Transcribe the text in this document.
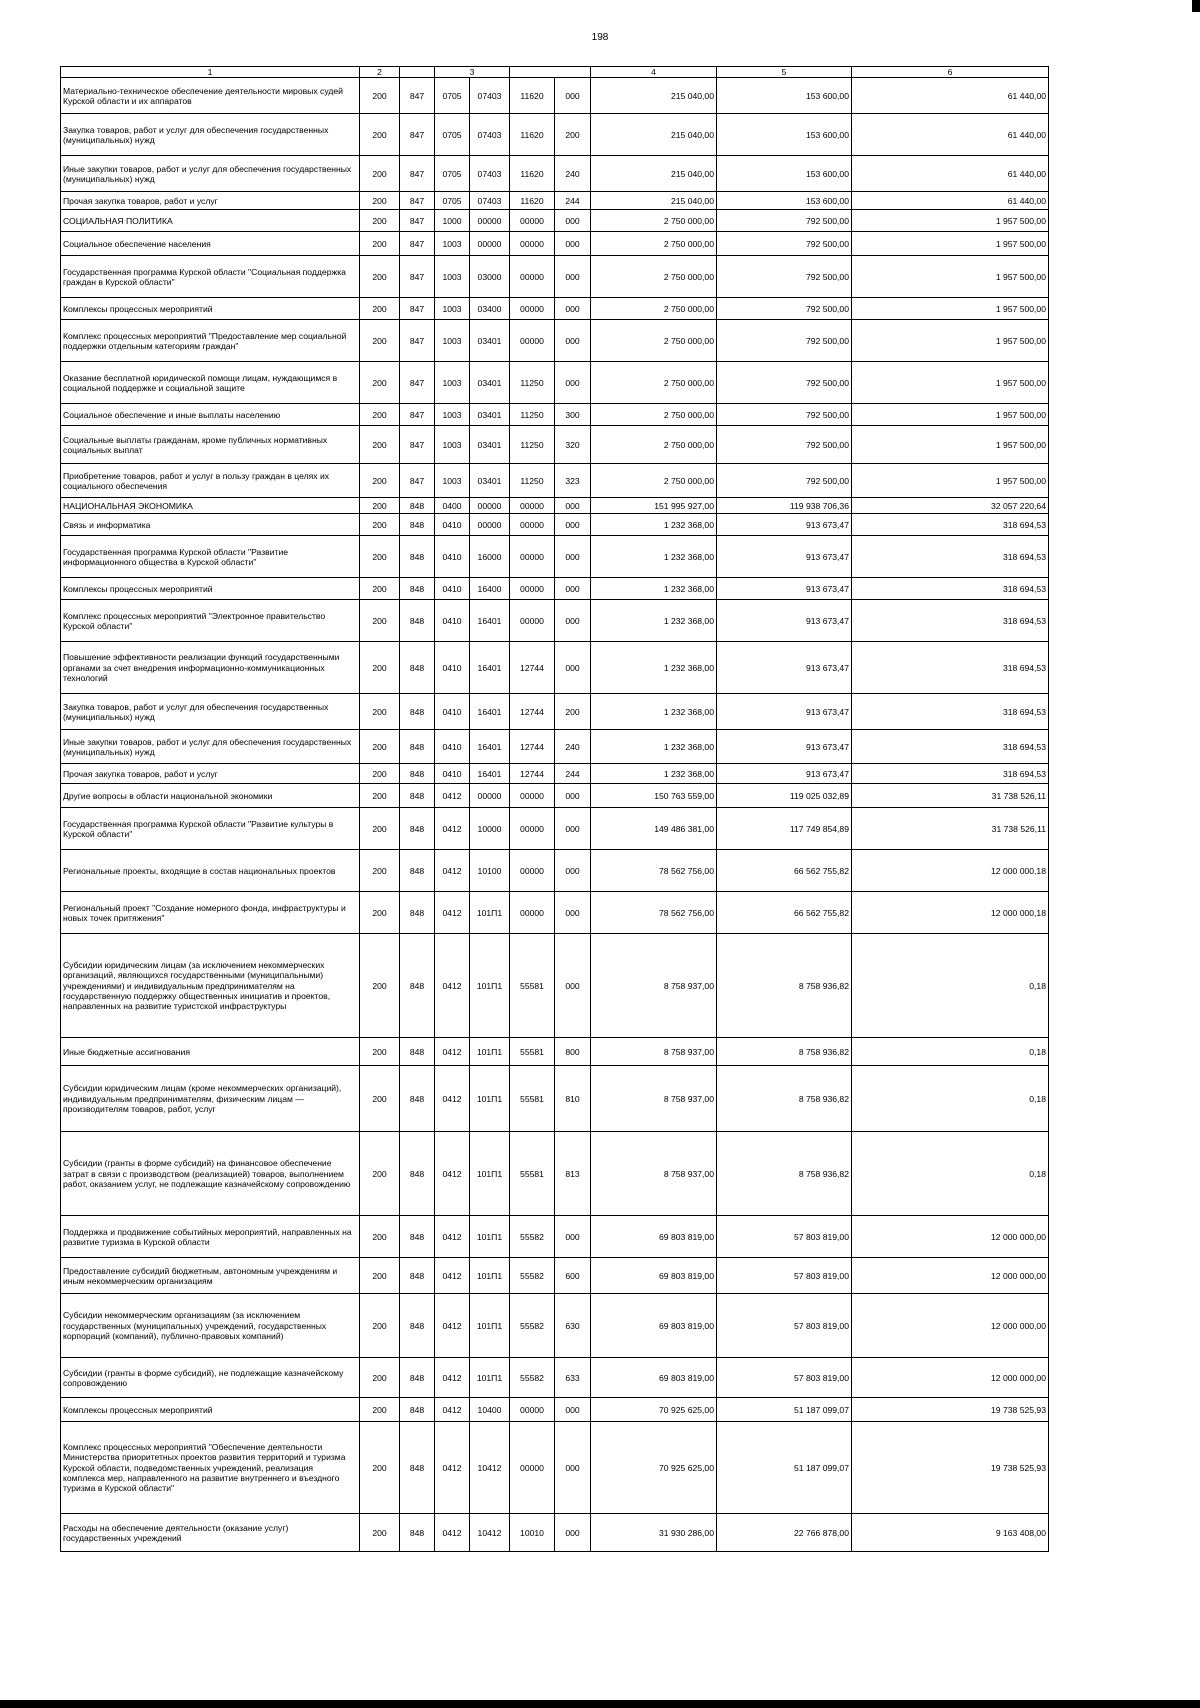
198
1	2		3				4	5	6
Материально-техническое обеспечение деятельности мировых судей Курской области и их аппаратов	200	847	0705	07403	11620	000	215 040,00	153 600,00	61 440,00
Закупка товаров, работ и услуг для обеспечения государственных (муниципальных) нужд	200	847	0705	07403	11620	200	215 040,00	153 600,00	61 440,00
Иные закупки товаров, работ и услуг для обеспечения государственных (муниципальных) нужд	200	847	0705	07403	11620	240	215 040,00	153 600,00	61 440,00
Прочая закупка товаров, работ и услуг	200	847	0705	07403	11620	244	215 040,00	153 600,00	61 440,00
СОЦИАЛЬНАЯ ПОЛИТИКА	200	847	1000	00000	00000	000	2 750 000,00	792 500,00	1 957 500,00
Социальное обеспечение населения	200	847	1003	00000	00000	000	2 750 000,00	792 500,00	1 957 500,00
Государственная программа Курской области "Социальная поддержка граждан в Курской области"	200	847	1003	03000	00000	000	2 750 000,00	792 500,00	1 957 500,00
Комплексы процессных мероприятий	200	847	1003	03400	00000	000	2 750 000,00	792 500,00	1 957 500,00
Комплекс процессных мероприятий "Предоставление мер социальной поддержки отдельным категориям граждан"	200	847	1003	03401	00000	000	2 750 000,00	792 500,00	1 957 500,00
Оказание бесплатной юридической помощи лицам, нуждающимся в социальной поддержке и социальной защите	200	847	1003	03401	11250	000	2 750 000,00	792 500,00	1 957 500,00
Социальное обеспечение и иные выплаты населению	200	847	1003	03401	11250	300	2 750 000,00	792 500,00	1 957 500,00
Социальные выплаты гражданам, кроме публичных нормативных социальных выплат	200	847	1003	03401	11250	320	2 750 000,00	792 500,00	1 957 500,00
Приобретение товаров, работ и услуг в пользу граждан в целях их социального обеспечения	200	847	1003	03401	11250	323	2 750 000,00	792 500,00	1 957 500,00
НАЦИОНАЛЬНАЯ ЭКОНОМИКА	200	848	0400	00000	00000	000	151 995 927,00	119 938 706,36	32 057 220,64
Связь и информатика	200	848	0410	00000	00000	000	1 232 368,00	913 673,47	318 694,53
Государственная программа Курской области "Развитие информационного общества в Курской области"	200	848	0410	16000	00000	000	1 232 368,00	913 673,47	318 694,53
Комплексы процессных мероприятий	200	848	0410	16400	00000	000	1 232 368,00	913 673,47	318 694,53
Комплекс процессных мероприятий "Электронное правительство Курской области"	200	848	0410	16401	00000	000	1 232 368,00	913 673,47	318 694,53
Повышение эффективности реализации функций государственными органами за счет внедрения информационно-коммуникационных технологий	200	848	0410	16401	12744	000	1 232 368,00	913 673,47	318 694,53
Закупка товаров, работ и услуг для обеспечения государственных (муниципальных) нужд	200	848	0410	16401	12744	200	1 232 368,00	913 673,47	318 694,53
Иные закупки товаров, работ и услуг для обеспечения государственных (муниципальных) нужд	200	848	0410	16401	12744	240	1 232 368,00	913 673,47	318 694,53
Прочая закупка товаров, работ и услуг	200	848	0410	16401	12744	244	1 232 368,00	913 673,47	318 694,53
Другие вопросы в области национальной экономики	200	848	0412	00000	00000	000	150 763 559,00	119 025 032,89	31 738 526,11
Государственная программа Курской области "Развитие культуры в Курской области"	200	848	0412	10000	00000	000	149 486 381,00	117 749 854,89	31 738 526,11
Региональные проекты, входящие в состав национальных проектов	200	848	0412	10100	00000	000	78 562 756,00	66 562 755,82	12 000 000,18
Региональный проект "Создание номерного фонда, инфраструктуры и новых точек притяжения"	200	848	0412	101П1	00000	000	78 562 756,00	66 562 755,82	12 000 000,18
Субсидии юридическим лицам (за исключением некоммерческих организаций, являющихся государственными (муниципальными) учреждениями) и индивидуальным предпринимателям на государственную поддержку общественных инициатив и проектов, направленных на развитие туристской инфраструктуры	200	848	0412	101П1	55581	000	8 758 937,00	8 758 936,82	0,18
Иные бюджетные ассигнования	200	848	0412	101П1	55581	800	8 758 937,00	8 758 936,82	0,18
Субсидии юридическим лицам (кроме некоммерческих организаций), индивидуальным предпринимателям, физическим лицам — производителям товаров, работ, услуг	200	848	0412	101П1	55581	810	8 758 937,00	8 758 936,82	0,18
Субсидии (гранты в форме субсидий) на финансовое обеспечение затрат в связи с производством (реализацией) товаров, выполнением работ, оказанием услуг, не подлежащие казначейскому сопровождению	200	848	0412	101П1	55581	813	8 758 937,00	8 758 936,82	0,18
Поддержка и продвижение событийных мероприятий, направленных на развитие туризма в Курской области	200	848	0412	101П1	55582	000	69 803 819,00	57 803 819,00	12 000 000,00
Предоставление субсидий бюджетным, автономным учреждениям и иным некоммерческим организациям	200	848	0412	101П1	55582	600	69 803 819,00	57 803 819,00	12 000 000,00
Субсидии некоммерческим организациям (за исключением государственных (муниципальных) учреждений, государственных корпораций (компаний), публично-правовых компаний)	200	848	0412	101П1	55582	630	69 803 819,00	57 803 819,00	12 000 000,00
Субсидии (гранты в форме субсидий), не подлежащие казначейскому сопровождению	200	848	0412	101П1	55582	633	69 803 819,00	57 803 819,00	12 000 000,00
Комплексы процессных мероприятий	200	848	0412	10400	00000	000	70 925 625,00	51 187 099,07	19 738 525,93
Комплекс процессных мероприятий "Обеспечение деятельности Министерства приоритетных проектов развития территорий и туризма Курской области, подведомственных учреждений, реализация комплекса мер, направленного на развитие внутреннего и въездного туризма в Курской области"	200	848	0412	10412	00000	000	70 925 625,00	51 187 099,07	19 738 525,93
Расходы на обеспечение деятельности (оказание услуг) государственных учреждений	200	848	0412	10412	10010	000	31 930 286,00	22 766 878,00	9 163 408,00
